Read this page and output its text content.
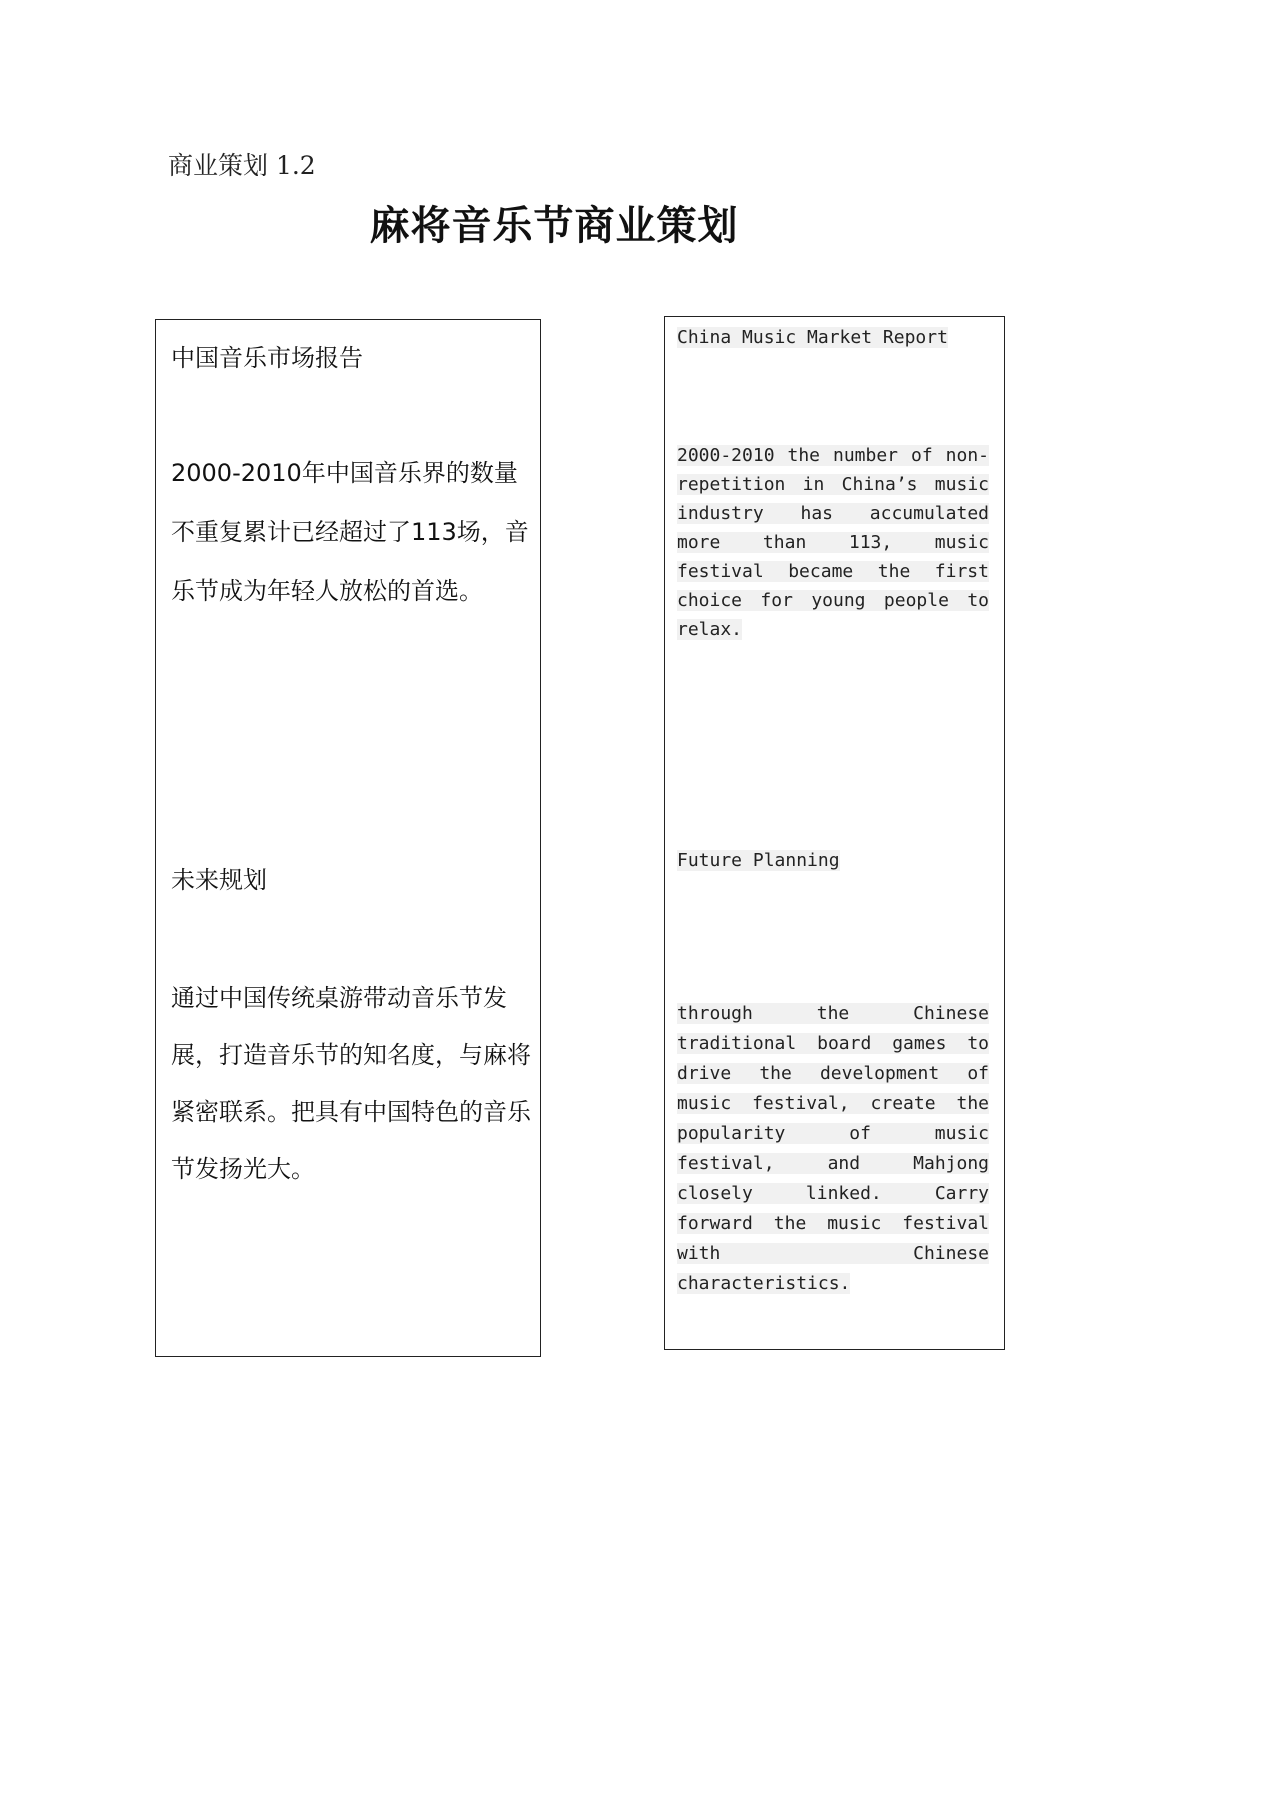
商业策划 1.2
麻将音乐节商业策划
中国音乐市场报告
2000-2010年中国音乐界的数量不重复累计已经超过了113场，音乐节成为年轻人放松的首选。
未来规划
通过中国传统桌游带动音乐节发展，打造音乐节的知名度，与麻将紧密联系。把具有中国特色的音乐节发扬光大。
China Music Market Report
2000-2010 the number of non-repetition in China’s music industry has accumulated more than 113, music festival became the first choice for young people to relax.
Future Planning
through the Chinese traditional board games to drive the development of music festival, create the popularity of music festival, and Mahjong closely linked. Carry forward the music festival with Chinese characteristics.
